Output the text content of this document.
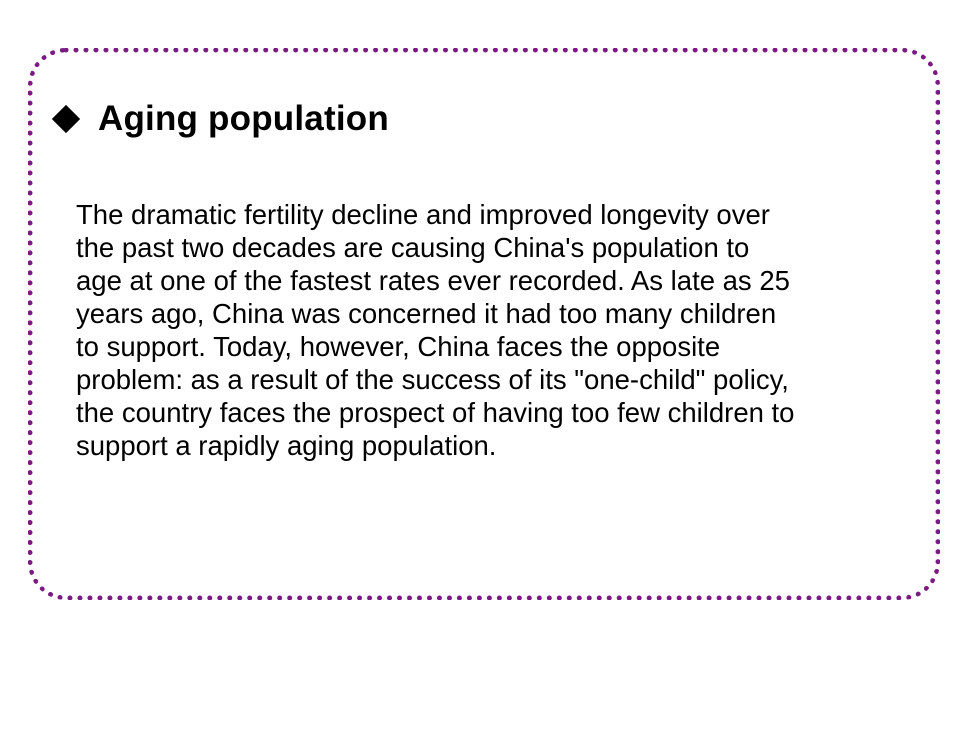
Aging population
The dramatic fertility decline and improved longevity over
the past two decades are causing China's population to
age at one of the fastest rates ever recorded. As late as 25
years ago, China was concerned it had too many children
to support. Today, however, China faces the opposite
problem: as a result of the success of its "one-child" policy,
the country faces the prospect of having too few children to
support a rapidly aging population.
